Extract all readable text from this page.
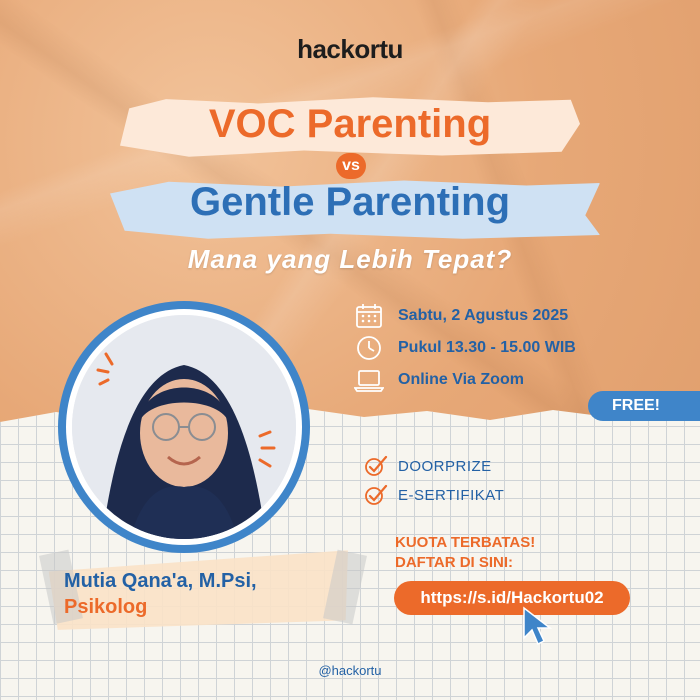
hackortu
VOC Parenting
vs
Gentle Parenting
Mana yang Lebih Tepat?
Sabtu, 2 Agustus 2025
Pukul 13.30 - 15.00 WIB
Online Via Zoom
FREE!
DOORPRIZE
E-SERTIFIKAT
Mutia Qana'a, M.Psi,
Psikolog
KUOTA TERBATAS!
DAFTAR DI SINI:
https://s.id/Hackortu02
@hackortu
